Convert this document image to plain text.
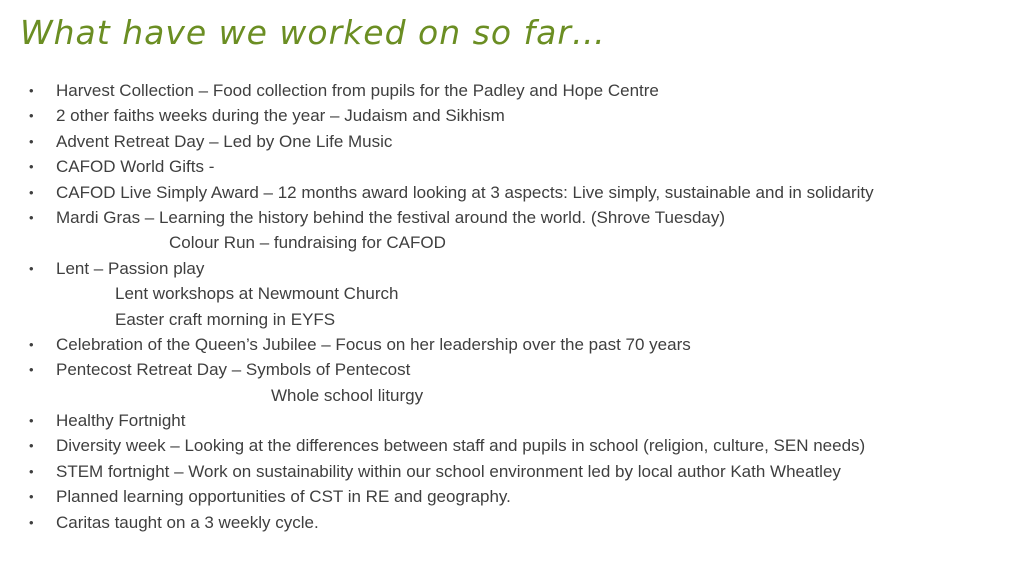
What have we worked on so far…
• Harvest Collection – Food collection from pupils for the Padley and Hope Centre
• 2 other faiths weeks during the year – Judaism and Sikhism
• Advent Retreat Day – Led by One Life Music
• CAFOD World Gifts -
• CAFOD Live Simply Award – 12 months award looking at 3 aspects: Live simply, sustainable and in solidarity
• Mardi Gras – Learning the history behind the festival around the world. (Shrove Tuesday)
Colour Run – fundraising for CAFOD
• Lent – Passion play
Lent workshops at Newmount Church
Easter craft morning in EYFS
• Celebration of the Queen’s Jubilee – Focus on her leadership over the past 70 years
• Pentecost Retreat Day – Symbols of Pentecost
Whole school liturgy
• Healthy Fortnight
• Diversity week – Looking at the differences between staff and pupils in school (religion, culture, SEN needs)
• STEM fortnight – Work on sustainability within our school environment led by local author Kath Wheatley
• Planned learning opportunities of CST in RE and geography.
• Caritas taught on a 3 weekly cycle.
